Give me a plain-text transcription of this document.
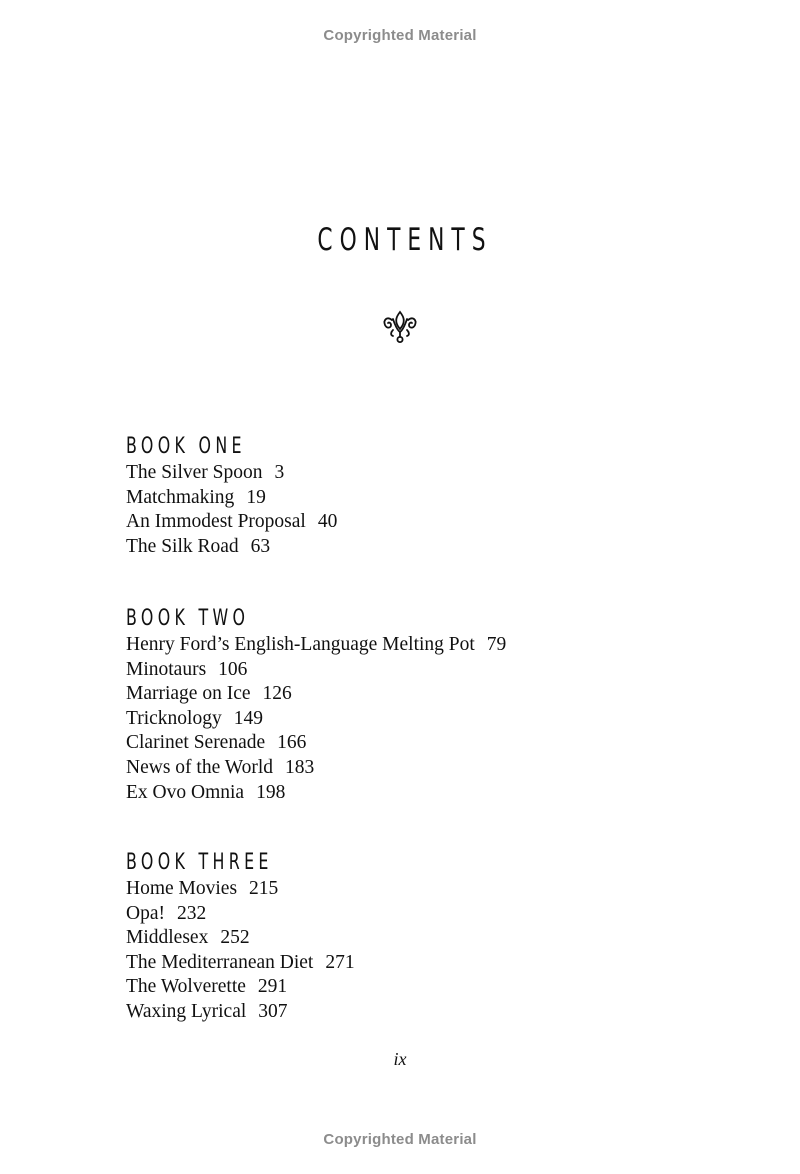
Copyrighted Material
CONTENTS
BOOK ONE
The Silver Spoon 3
Matchmaking 19
An Immodest Proposal 40
The Silk Road 63
BOOK TWO
Henry Ford’s English-Language Melting Pot 79
Minotaurs 106
Marriage on Ice 126
Tricknology 149
Clarinet Serenade 166
News of the World 183
Ex Ovo Omnia 198
BOOK THREE
Home Movies 215
Opa! 232
Middlesex 252
The Mediterranean Diet 271
The Wolverette 291
Waxing Lyrical 307
ix
Copyrighted Material
